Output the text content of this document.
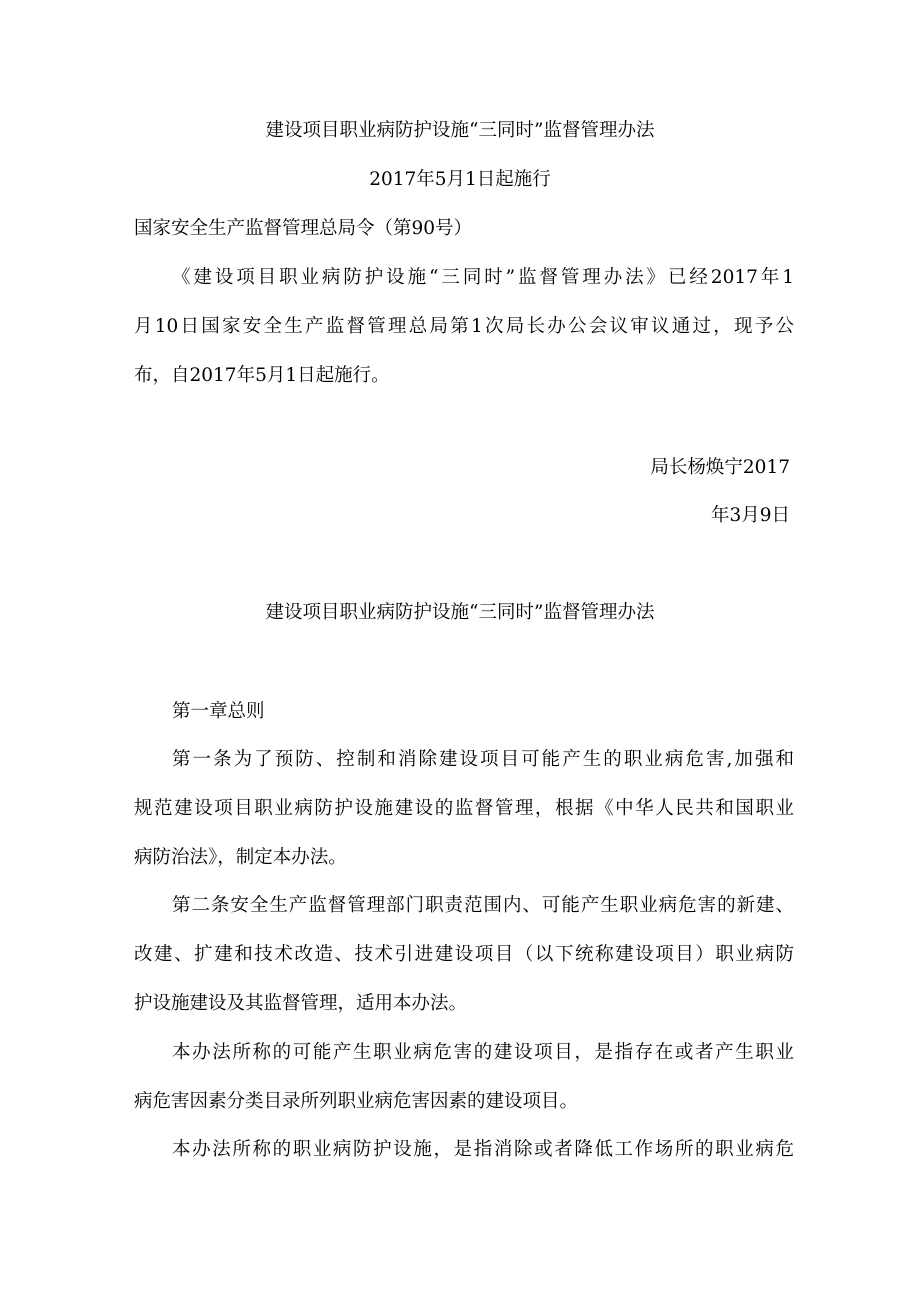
建设项目职业病防护设施“三同时”监督管理办法

2017年5月1日起施行

国家安全生产监督管理总局令（第90号）

《建设项目职业病防护设施“三同时”监督管理办法》已经2017年1

月10日国家安全生产监督管理总局第1次局长办公会议审议通过，现予公

布，自2017年5月1日起施行。

局长杨焕宁2017

年3月9日

建设项目职业病防护设施“三同时”监督管理办法

第一章总则

第一条为了预防、控制和消除建设项目可能产生的职业病危害,加强和

规范建设项目职业病防护设施建设的监督管理，根据《中华人民共和国职业

病防治法》，制定本办法。

第二条安全生产监督管理部门职责范围内、可能产生职业病危害的新建、

改建、扩建和技术改造、技术引进建设项目（以下统称建设项目）职业病防

护设施建设及其监督管理，适用本办法。

本办法所称的可能产生职业病危害的建设项目，是指存在或者产生职业

病危害因素分类目录所列职业病危害因素的建设项目。

本办法所称的职业病防护设施，是指消除或者降低工作场所的职业病危
